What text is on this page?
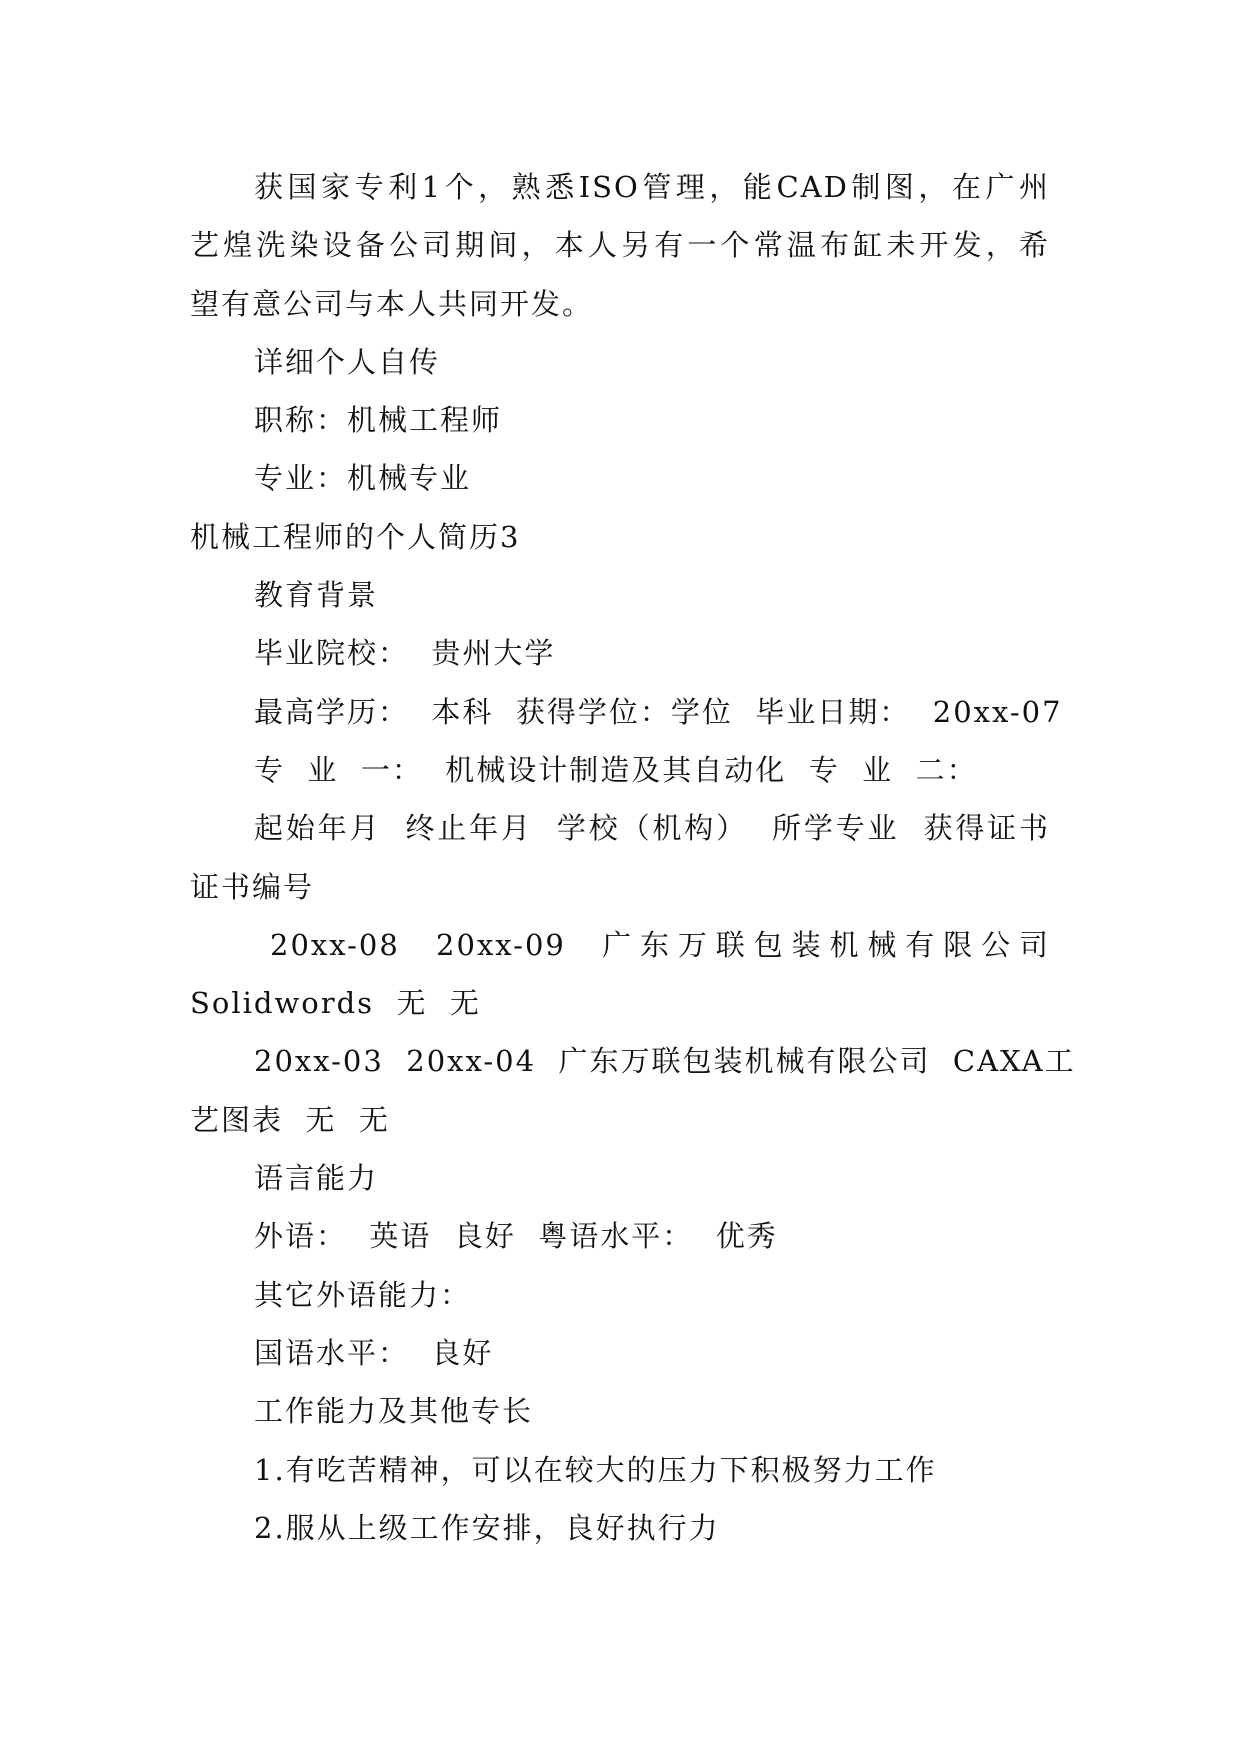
获国家专利1个，熟悉ISO管理，能CAD制图，在广州

艺煌洗染设备公司期间，本人另有一个常温布缸未开发，希

望有意公司与本人共同开发。

详细个人自传

职称：机械工程师

专业：机械专业

机械工程师的个人简历3

教育背景

毕业院校：  贵州大学

最高学历：  本科  获得学位：学位  毕业日期：  20xx-07

专  业  一：  机械设计制造及其自动化  专  业  二：

起始年月  终止年月  学校（机构）  所学专业  获得证书

证书编号

20xx-08  20xx-09  广东万联包装机械有限公司

Solidwords  无  无

20xx-03  20xx-04  广东万联包装机械有限公司  CAXA工

艺图表  无  无

语言能力

外语：  英语  良好  粤语水平：  优秀

其它外语能力：

国语水平：  良好

工作能力及其他专长

1.有吃苦精神，可以在较大的压力下积极努力工作

2.服从上级工作安排，良好执行力
